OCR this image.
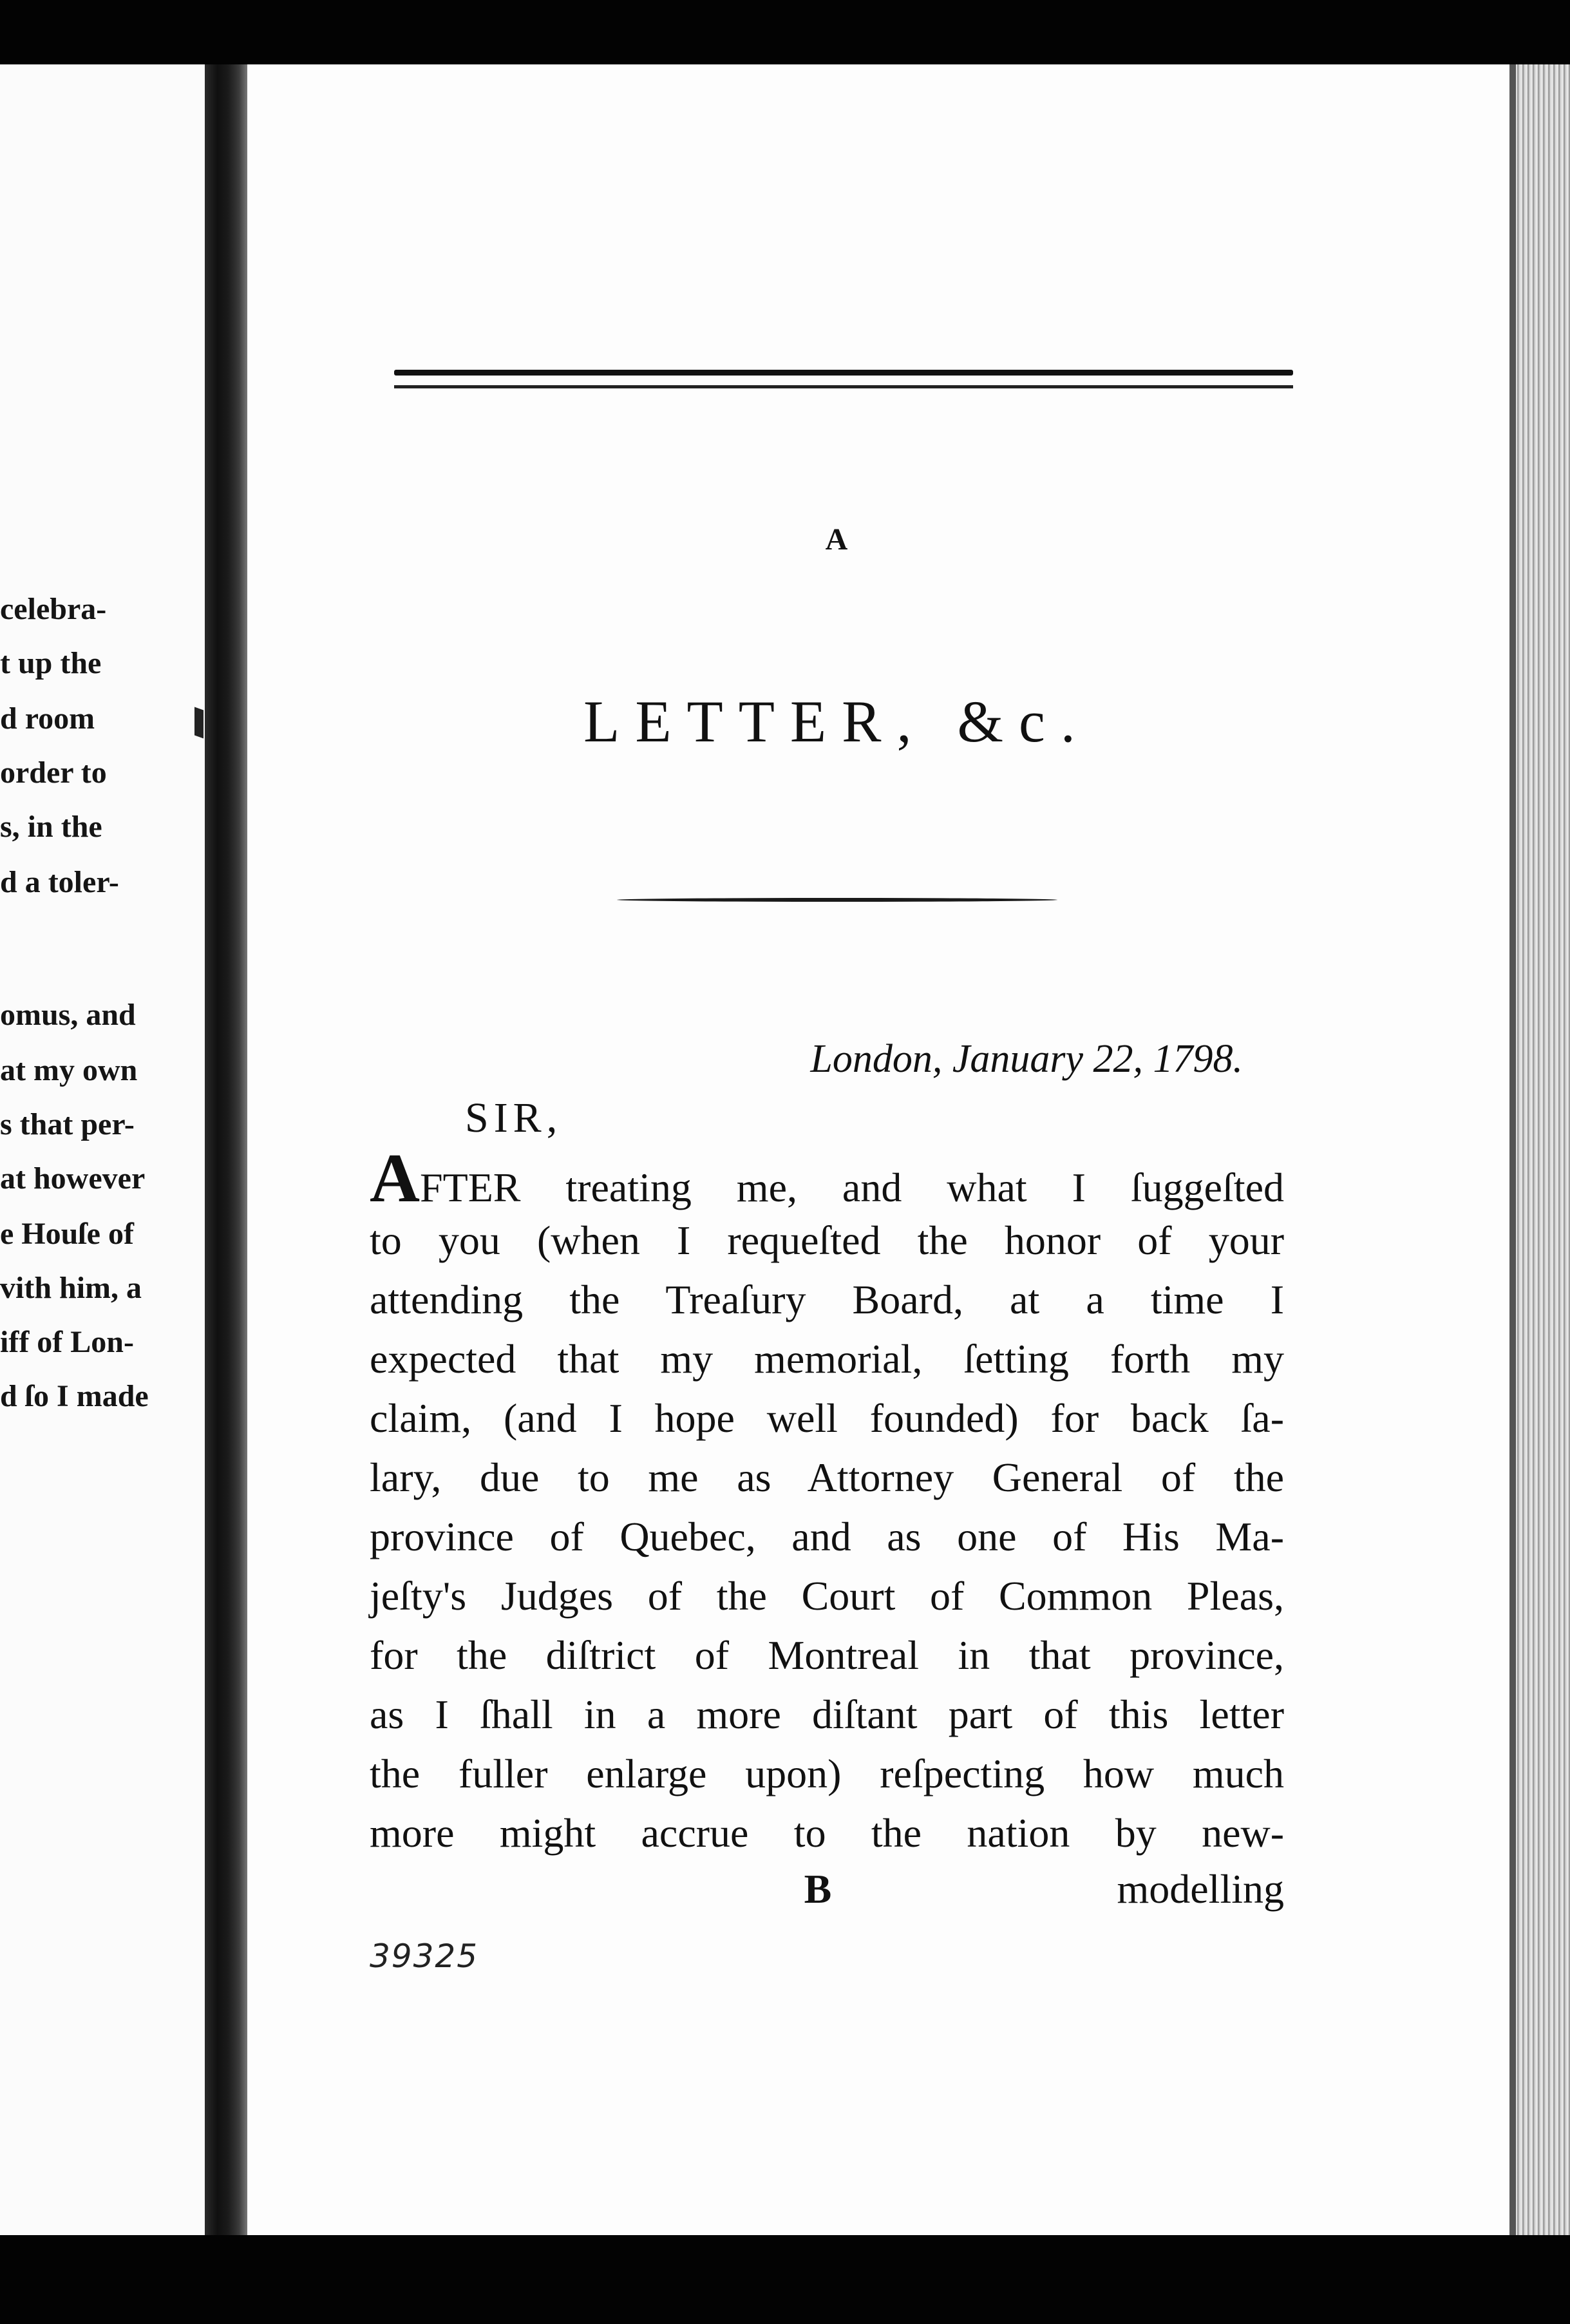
celebra-
t up the
d room
order to
s, in the
d a toler-
omus, and
at my own
s that per-
at however
e Houſe of
vith him, a
iff of Lon-
d ſo I made
A
LETTER, &c.
London, January 22, 1798.
SIR,
AFTER treating me, and what I ſuggeſted
to you (when I requeſted the honor of your
attending the Treaſury Board, at a time I
expected that my memorial, ſetting forth my
claim, (and I hope well founded) for back ſa-
lary, due to me as Attorney General of the
province of Quebec, and as one of His Ma-
jeſty's Judges of the Court of Common Pleas,
for the diſtrict of Montreal in that province,
as I ſhall in a more diſtant part of this letter
the fuller enlarge upon) reſpecting how much
more might accrue to the nation by new-
B	modelling
39325
